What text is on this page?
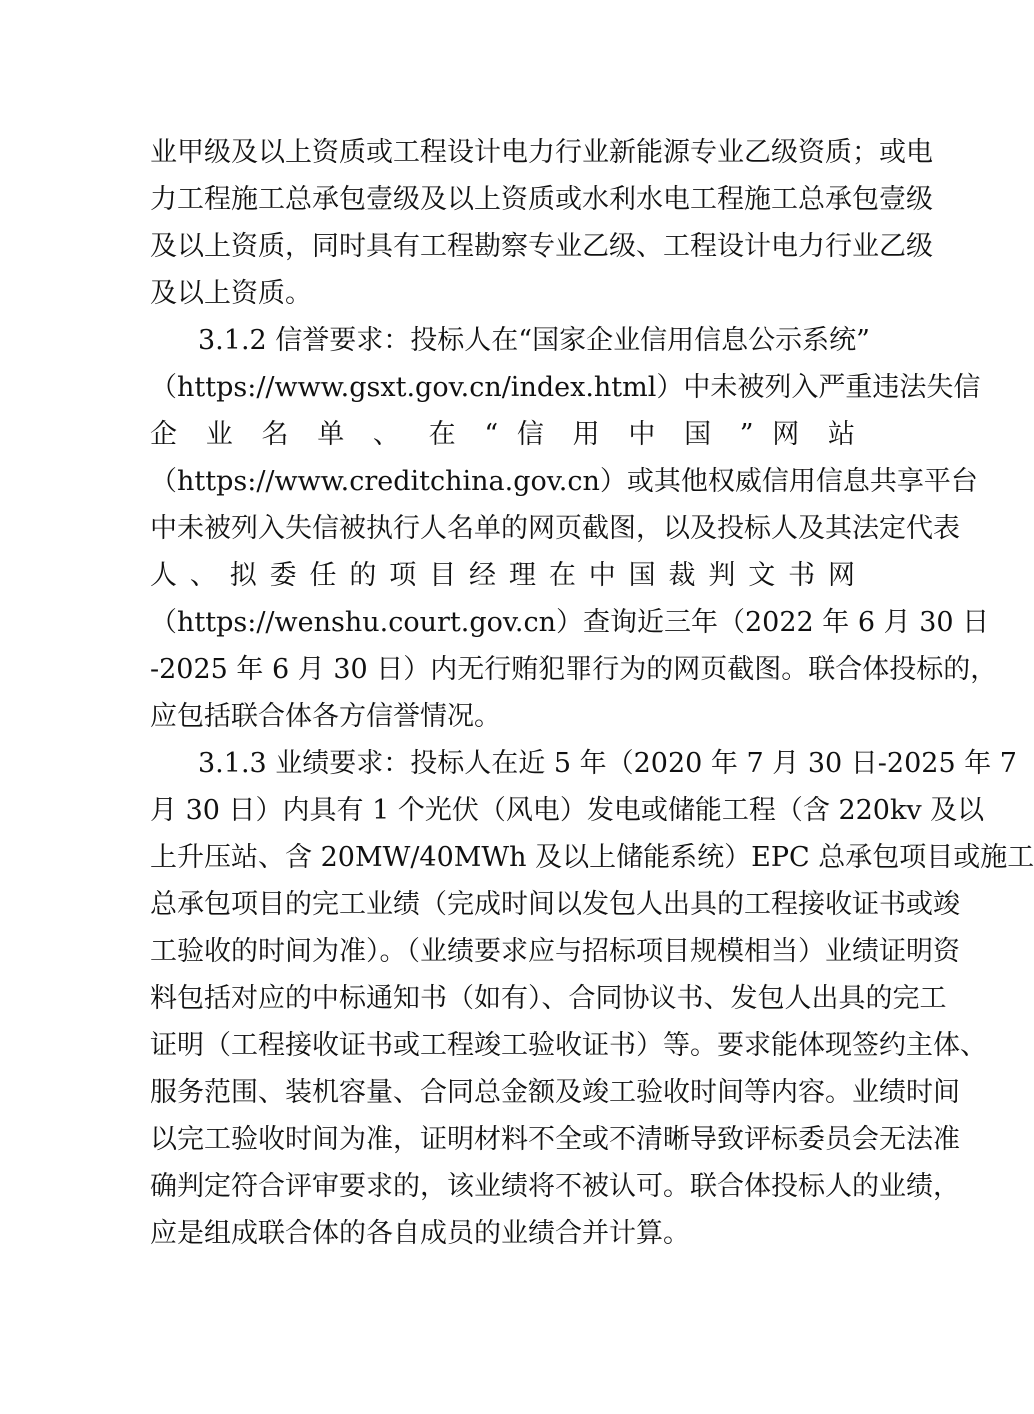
业甲级及以上资质或工程设计电力行业新能源专业乙级资质；或电
力工程施工总承包壹级及以上资质或水利水电工程施工总承包壹级
及以上资质，同时具有工程勘察专业乙级、工程设计电力行业乙级
及以上资质。
3.1.2 信誉要求：投标人在“国家企业信用信息公示系统”
（https://www.gsxt.gov.cn/index.html）中未被列入严重违法失信
企 业 名 单 、 在 “ 信 用 中 国 ” 网 站
（https://www.creditchina.gov.cn）或其他权威信用信息共享平台
中未被列入失信被执行人名单的网页截图，以及投标人及其法定代表
人 、 拟 委 任 的 项 目 经 理 在 中 国 裁 判 文 书 网
（https://wenshu.court.gov.cn）查询近三年（2022 年 6 月 30 日
-2025 年 6 月 30 日）内无行贿犯罪行为的网页截图。联合体投标的，
应包括联合体各方信誉情况。
3.1.3 业绩要求：投标人在近 5 年（2020 年 7 月 30 日-2025 年 7
月 30 日）内具有 1 个光伏（风电）发电或储能工程（含 220kv 及以
上升压站、含 20MW/40MWh 及以上储能系统）EPC 总承包项目或施工
总承包项目的完工业绩（完成时间以发包人出具的工程接收证书或竣
工验收的时间为准）。（业绩要求应与招标项目规模相当）业绩证明资
料包括对应的中标通知书（如有）、合同协议书、发包人出具的完工
证明（工程接收证书或工程竣工验收证书）等。要求能体现签约主体、
服务范围、装机容量、合同总金额及竣工验收时间等内容。业绩时间
以完工验收时间为准，证明材料不全或不清晰导致评标委员会无法准
确判定符合评审要求的，该业绩将不被认可。联合体投标人的业绩，
应是组成联合体的各自成员的业绩合并计算。
